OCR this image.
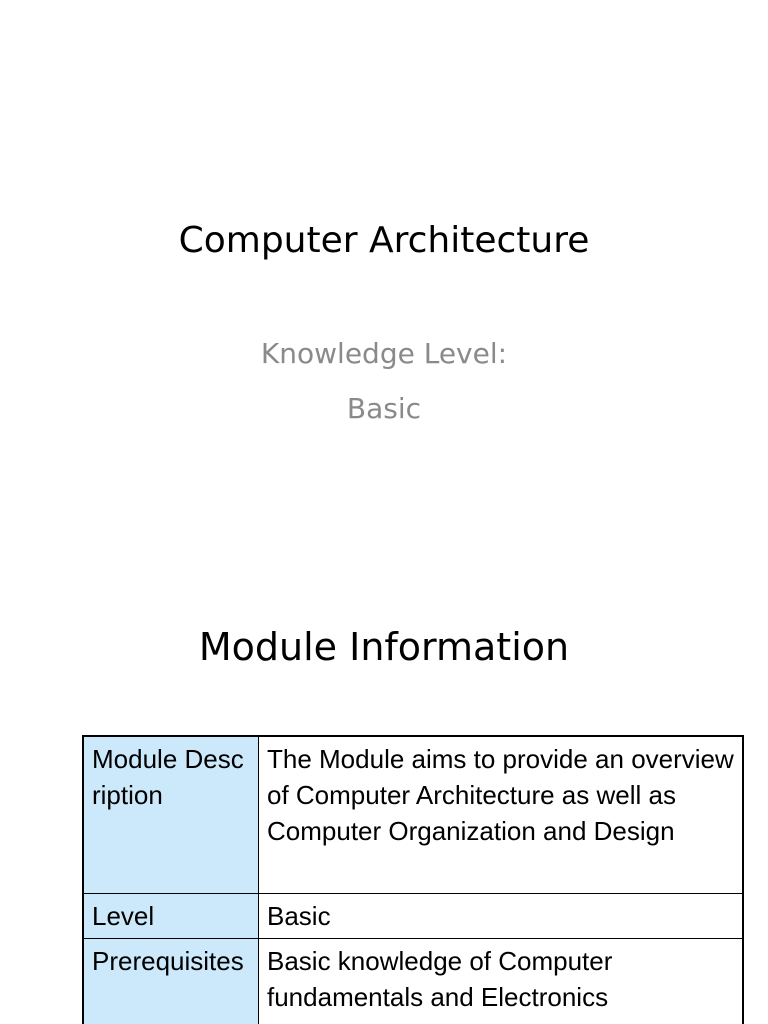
Computer Architecture
Knowledge Level:
Basic
Module Information
Module Description	The Module aims to provide an overview of Computer Architecture as well as Computer Organization and Design
Level	Basic
Prerequisites	Basic knowledge of Computer fundamentals and Electronics
